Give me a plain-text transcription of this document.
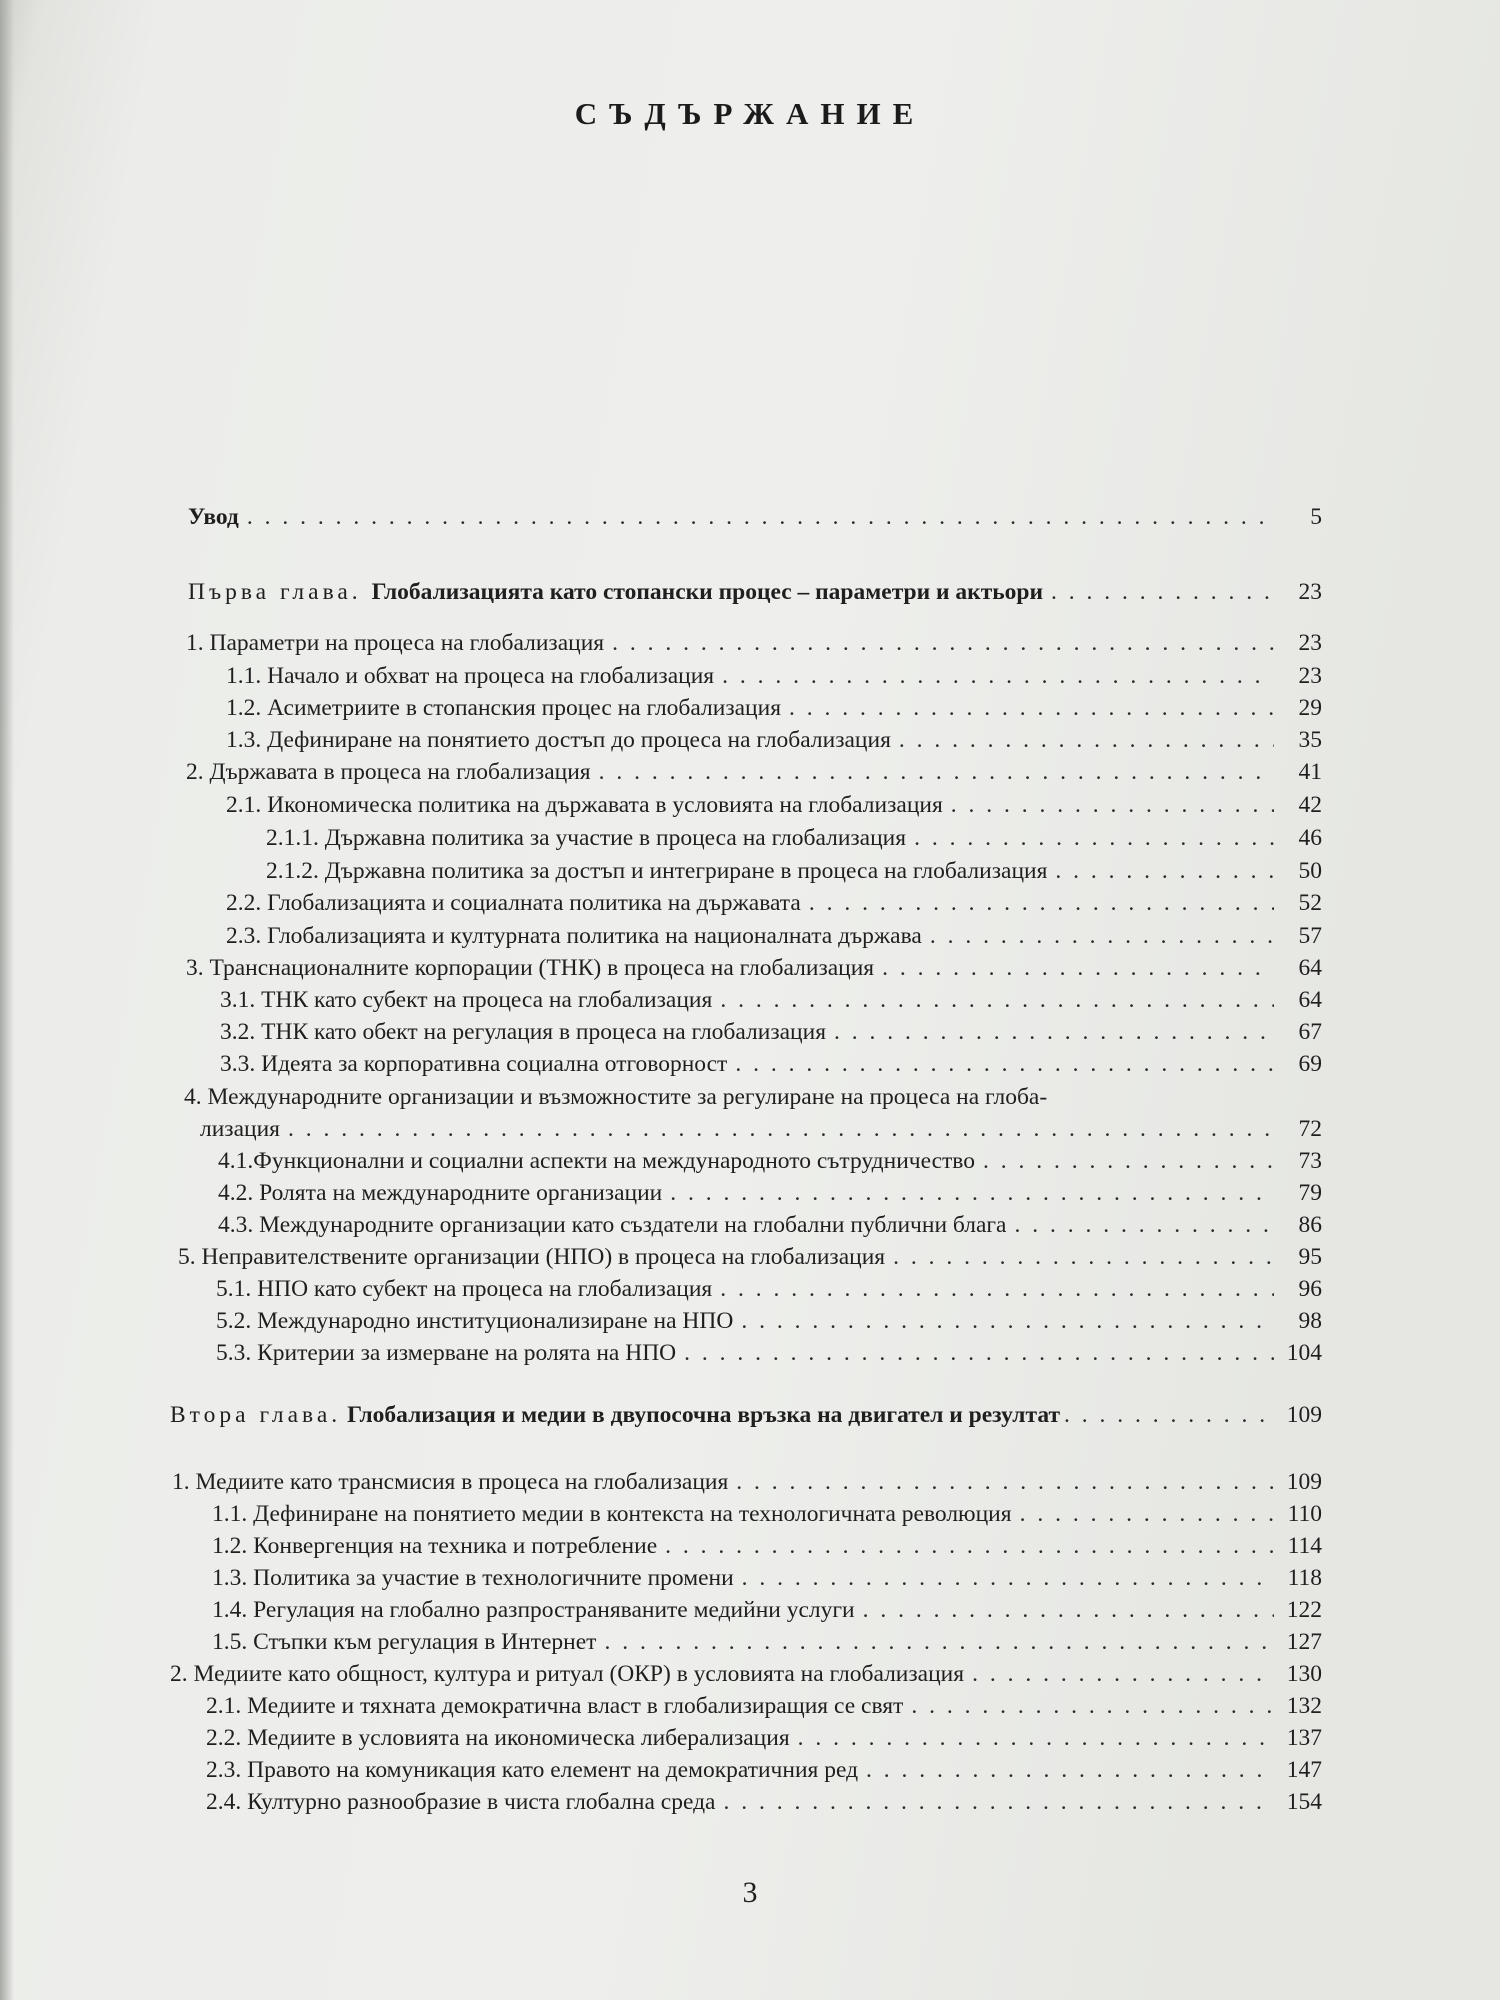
СЪДЪРЖАНИЕ
Увод . . .	5
Първа глава. Глобализацията като стопански процес – параметри и актьори . . .	23
1. Параметри на процеса на глобализация . . .	23
1.1. Начало и обхват на процеса на глобализация . . .	23
1.2. Асиметриите в стопанския процес на глобализация . . .	29
1.3. Дефиниране на понятието достъп до процеса на глобализация . . .	35
2. Държавата в процеса на глобализация . . .	41
2.1. Икономическа политика на държавата в условията на глобализация . . .	42
2.1.1. Държавна политика за участие в процеса на глобализация . . .	46
2.1.2. Държавна политика за достъп и интегриране в процеса на глобализация . . .	50
2.2. Глобализацията и социалната политика на държавата . . .	52
2.3. Глобализацията и културната политика на националната държава . . .	57
3. Транснационалните корпорации (ТНК) в процеса на глобализация . . .	64
3.1. ТНК като субект на процеса на глобализация . . .	64
3.2. ТНК като обект на регулация в процеса на глобализация . . .	67
3.3. Идеята за корпоративна социална отговорност . . .	69
4. Международните организации и възможностите за регулиране на процеса на глоба-
лизация . . .	72
4.1.Функционални и социални аспекти на международното сътрудничество . . .	73
4.2. Ролята на международните организации . . .	79
4.3. Международните организации като създатели на глобални публични блага . . .	86
5. Неправителствените организации (НПО) в процеса на глобализация . . .	95
5.1. НПО като субект на процеса на глобализация . . .	96
5.2. Международно институционализиране на НПО . . .	98
5.3. Критерии за измерване на ролята на НПО . . .	104
Втора глава. Глобализация и медии в двупосочна връзка на двигател и резултат . . .	109
1. Медиите като трансмисия в процеса на глобализация . . .	109
1.1. Дефиниране на понятието медии в контекста на технологичната революция . . .	110
1.2. Конвергенция на техника и потребление . . .	114
1.3. Политика за участие в технологичните промени . . .	118
1.4. Регулация на глобално разпространяваните медийни услуги . . .	122
1.5. Стъпки към регулация в Интернет . . .	127
2. Медиите като общност, култура и ритуал (ОКР) в условията на глобализация . . .	130
2.1. Медиите и тяхната демократична власт в глобализиращия се свят . . .	132
2.2. Медиите в условията на икономическа либерализация . . .	137
2.3. Правото на комуникация като елемент на демократичния ред . . .	147
2.4. Културно разнообразие в чиста глобална среда . . .	154
3
